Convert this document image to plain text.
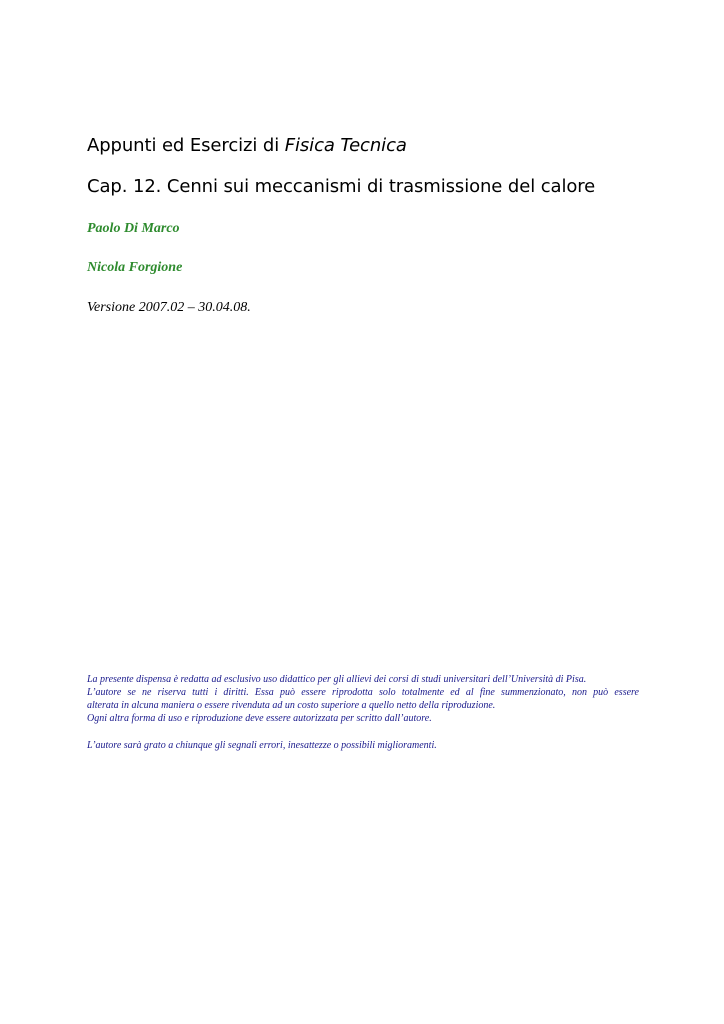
Appunti ed Esercizi di Fisica Tecnica
Cap. 12. Cenni sui meccanismi di trasmissione del calore

Paolo Di Marco

Nicola Forgione

Versione 2007.02 – 30.04.08.

La presente dispensa è redatta ad esclusivo uso didattico per gli allievi dei corsi di studi universitari dell’Università di Pisa.
L’autore se ne riserva tutti i diritti. Essa può essere riprodotta solo totalmente ed al fine summenzionato, non può essere
alterata in alcuna maniera o essere rivenduta ad un costo superiore a quello netto della riproduzione.
Ogni altra forma di uso e riproduzione deve essere autorizzata per scritto dall’autore.

L’autore sarà grato a chiunque gli segnali errori, inesattezze o possibili miglioramenti.
